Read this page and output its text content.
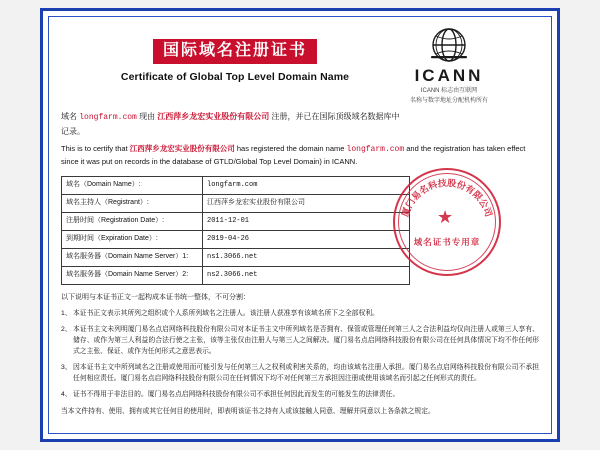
国际域名注册证书
Certificate of Global Top Level Domain Name	ICANN
ICANN 标志由互联网
名称与数字地址分配机构所有
域名 longfarm.com 现由 江西萍乡龙宏实业股份有限公司 注册，并已在国际顶级域名数据库中
记录。
This is to certify that 江西萍乡龙宏实业股份有限公司 has registered the domain name longfarm.com and the registration has taken effect since it was put on records in the database of GTLD/Global Top Level Domain) in ICANN.
域名（Domain Name）:	longfarm.com
域名主持人（Registrant）:	江西萍乡龙宏实业股份有限公司
注册时间（Registration Date）:	2011-12-01
到期时间（Expiration Date）:	2019-04-26
域名服务器（Domain Name Server）1:	ns1.3066.net
域名服务器（Domain Name Server）2:	ns2.3066.net
厦门易名科技股份有限公司
★
域名证书专用章
以下说明与本证书正文一起构成本证书统一整体，不可分割：
1、 本证书正文表示其所列之组织或个人系所列域名之注册人。该注册人获准享有该域名所下之全部权利。
2、 本证书主文未列明厦门易名点启网络科技股份有限公司对本证书主文中所列域名是否拥有、保管或管理任何第三人之合法利益均仅向注册人或第三人享有、储存、或作为第三人利益的合法行使之主张，该等主张仅由注册人与第三人之间解决。厦门易名点启网络科技股份有限公司在任何具体情况下均不作任何形式之主张、保证、或作为任何形式之意思表示。
3、 因本证书主文中所列域名之注册或使用而可能引发与任何第三人之权利或利害关系的，均由该域名注册人承担。厦门易名点启网络科技股份有限公司不承担任何相应责任。厦门易名点启网络科技股份有限公司在任何情况下均不对任何第三方承担因注册或使用该域名而引起之任何形式的责任。
4、 证书不得用于非法目的。厦门易名点启网络科技股份有限公司不承担任何因此而发生的可能发生的法律责任。
当本文件持有、使用、拥有或其它任何目的使用时，即表明该证书之持有人或该接触人同意、理解并同意以上各条款之规定。
